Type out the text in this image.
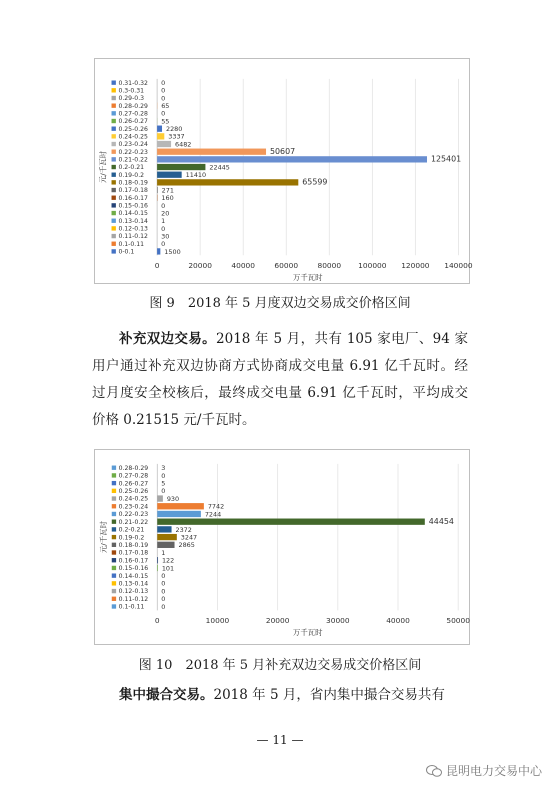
0	20000	40000	60000	80000 100000 120000 140000
万千瓦时
元/千瓦时
0-0.1	1500
0.1-0.11	0
0.11-0.12 30
0.12-0.13 0
0.13-0.14 1
0.14-0.15 20
0.15-0.16 0
0.16-0.17 160
0.17-0.18 271
0.18-0.19	65599
0.19-0.2	11410
0.2-0.21	22445
0.21-0.22	125401
0.22-0.23	50607
0.23-0.24	6482
0.24-0.25	3337
0.25-0.26	2280
0.26-0.27 55
0.27-0.28 0
0.28-0.29 65
0.29-0.3	0
0.3-0.31	0
0.31-0.32 0

图 9　2018 年 5 月度双边交易成交价格区间

补充双边交易。2018 年 5 月，共有 105 家电厂、94 家用户通过补充双边协商方式协商成交电量 6.91 亿千瓦时。经过月度安全校核后，最终成交电量 6.91 亿千瓦时，平均成交价格 0.21515 元/千瓦时。

0	10000	20000	30000	40000	50000
万千瓦时
元/千瓦时
0.1-0.11	0
0.11-0.12 0
0.12-0.13 0
0.13-0.14 0
0.14-0.15 0
0.15-0.16 101
0.16-0.17 122
0.17-0.18 1
0.18-0.19	2865
0.19-0.2	3247
0.2-0.21	2372
0.21-0.22	44454
0.22-0.23	7244
0.23-0.24	7742
0.24-0.25	930
0.25-0.26 0
0.26-0.27 5
0.27-0.28 0
0.28-0.29 3

图 10　2018 年 5 月补充双边交易成交价格区间

集中撮合交易。2018 年 5 月，省内集中撮合交易共有

— 11 —
昆明电力交易中心
